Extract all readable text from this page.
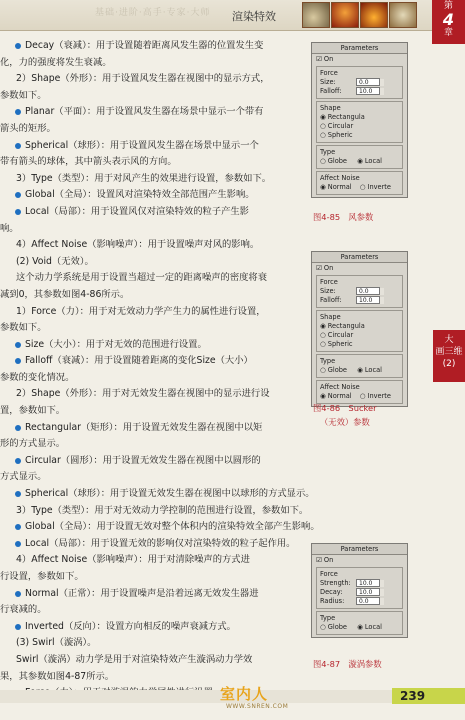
基础·进阶·高手·专家·大师 渲染特效
第
4
章
大
画三维
(2)
Decay（衰减）：用于设置随着距离风发生器的位置发生变
化，力的强度将发生衰减。
2）Shape（外形）：用于设置风发生器在视图中的显示方式，
参数如下。
Planar（平面）：用于设置风发生器在场景中显示一个带有
箭头的矩形。
Spherical（球形）：用于设置风发生器在场景中显示一个
带有箭头的球体，其中箭头表示风的方向。
3）Type（类型）：用于对风产生的效果进行设置，参数如下。
Global（全局）：设置风对渲染特效全部范围产生影响。
Local（局部）：用于设置风仅对渲染特效的粒子产生影
响。
4）Affect Noise（影响噪声）：用于设置噪声对风的影响。
(2) Void（无效）。
这个动力学系统是用于设置当超过一定的距离噪声的密度将衰
减到0，其参数如图4-86所示。
1）Force（力）：用于对无效动力学产生力的属性进行设置，
参数如下。
Size（大小）：用于对无效的范围进行设置。
Falloff（衰减）：用于设置随着距离的变化Size（大小）
参数的变化情况。
2）Shape（外形）：用于对无效发生器在视图中的显示进行设
置，参数如下。
Rectangular（矩形）：用于设置无效发生器在视图中以矩
形的方式显示。
Circular（圆形）：用于设置无效发生器在视图中以圆形的
方式显示。
Spherical（球形）：用于设置无效发生器在视图中以球形的方式显示。
3）Type（类型）：用于对无效动力学控制的范围进行设置，参数如下。
Global（全局）：用于设置无效对整个体积内的渲染特效全部产生影响。
Local（局部）：用于设置无效的影响仅对渲染特效的粒子起作用。
4）Affect Noise（影响噪声）：用于对清除噪声的方式进
行设置，参数如下。
Normal（正常）：用于设置噪声是沿着远离无效发生器进
行衰减的。
Inverted（反向）：设置方向相反的噪声衰减方式。
(3) Swirl（漩涡）。
Swirl（漩涡）动力学是用于对渲染特效产生漩涡动力学效
果，其参数如图4-87所示。
Parameters
☑ On
Force
Size:	0.0
Falloff:	10.0
Shape
◉ Rectangula
○ Circular
○ Spheric
Type
○ Globe	◉ Local
Affect Noise
◉ Normal ○ Inverte
图4-85　风参数
Parameters
☑ On
Force
Size:	0.0
Falloff:	10.0
Shape
◉ Rectangula
○ Circular
○ Spheric
Type
○ Globe	◉ Local
Affect Noise
◉ Normal ○ Inverte
图4-86　Sucker
（无效）参数
Parameters
☑ On
Force
Strength:	10.0
Decay:	10.0
Radius:	0.0
Type
○ Globe	◉ Local
图4-87　漩涡参数
室内人
WWW.SNREN.COM
239
